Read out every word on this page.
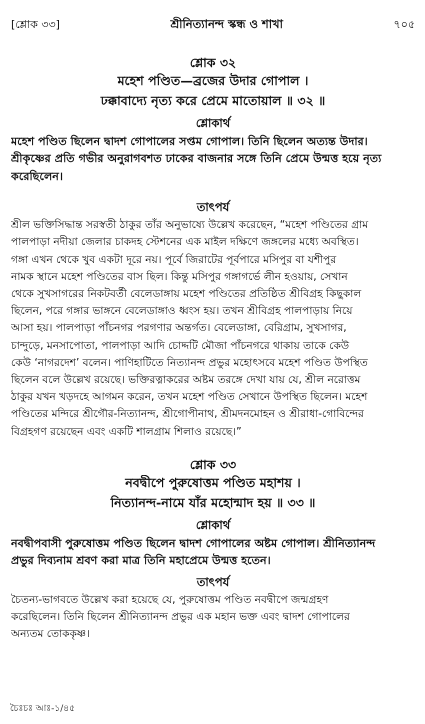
[শ্লোক ৩৩]	শ্রীনিত্যানন্দ স্কন্ধ ও শাখা	৭০৫
শ্লোক ৩২
মহেশ পণ্ডিত—ব্রজের উদার গোপাল ।
ঢক্কাবাদ্যে নৃত্য করে প্রেমে মাতোয়াল ॥ ৩২ ॥
শ্লোকার্থ
মহেশ পণ্ডিত ছিলেন দ্বাদশ গোপালের সপ্তম গোপাল। তিনি ছিলেন অত্যন্ত উদার।
শ্রীকৃষ্ণের প্রতি গভীর অনুরাগবশত ঢাকের বাজনার সঙ্গে তিনি প্রেমে উন্মত্ত হয়ে নৃত্য
করেছিলেন।
তাৎপর্য
শ্রীল ভক্তিসিদ্ধান্ত সরস্বতী ঠাকুর তাঁর অনুভাষ্যে উল্লেখ করেছেন, “মহেশ পণ্ডিতের গ্রাম
পালপাড়া নদীয়া জেলার চাকদহ স্টেশনের এক মাইল দক্ষিণে জঙ্গলের মধ্যে অবস্থিত।
গঙ্গা এখন থেকে খুব একটা দূরে নয়। পূর্বে জিরাটের পূর্বপারে মসিপুর বা যশীপুর
নামক স্থানে মহেশ পণ্ডিতের বাস ছিল। কিন্তু মসিপুর গঙ্গাগর্ভে লীন হওয়ায়, সেখান
থেকে সুখসাগরের নিকটবর্তী বেলেডাঙ্গায় মহেশ পণ্ডিতের প্রতিষ্ঠিত শ্রীবিগ্রহ কিছুকাল
ছিলেন, পরে গঙ্গার ভাঙ্গনে বেলেডাঙ্গাও ধ্বংস হয়। তখন শ্রীবিগ্রহ পালপাড়ায় নিয়ে
আসা হয়। পালপাড়া পাঁচনগর পরগণার অন্তর্গত। বেলেডাঙ্গা, বেরিগ্রাম, সুখসাগর,
চান্দুড়ে, মনসাপোতা, পালপাড়া আদি চোদ্দটি মৌজা পাঁচনগরে থাকায় তাকে কেউ
কেউ ‘নাগরদেশ’ বলেন। পাণিহাটিতে নিত্যানন্দ প্রভুর মহোৎসবে মহেশ পণ্ডিত উপস্থিত
ছিলেন বলে উল্লেখ রয়েছে। ভক্তিরত্নাকরের অষ্টম তরঙ্গে দেখা যায় যে, শ্রীল নরোত্তম
ঠাকুর যখন খড়দহে আগমন করেন, তখন মহেশ পণ্ডিত সেখানে উপস্থিত ছিলেন। মহেশ
পণ্ডিতের মন্দিরে শ্রীগৌর-নিত্যানন্দ, শ্রীগোপীনাথ, শ্রীমদনমোহন ও শ্রীরাধা-গোবিন্দের
বিগ্রহগণ রয়েছেন এবং একটি শালগ্রাম শিলাও রয়েছে।”
শ্লোক ৩৩
নবদ্বীপে পুরুষোত্তম পণ্ডিত মহাশয় ।
নিত্যানন্দ-নামে যাঁর মহোন্মাদ হয় ॥ ৩৩ ॥
শ্লোকার্থ
নবদ্বীপবাসী পুরুষোত্তম পণ্ডিত ছিলেন দ্বাদশ গোপালের অষ্টম গোপাল। শ্রীনিত্যানন্দ
প্রভুর দিব্যনাম শ্রবণ করা মাত্র তিনি মহাপ্রেমে উন্মত্ত হতেন।
তাৎপর্য
চৈতন্য-ভাগবতে উল্লেখ করা হয়েছে যে, পুরুষোত্তম পণ্ডিত নবদ্বীপে জন্মগ্রহণ
করেছিলেন। তিনি ছিলেন শ্রীনিত্যানন্দ প্রভুর এক মহান ভক্ত এবং দ্বাদশ গোপালের
অন্যতম তোককৃষ্ণ।
চৈঃচঃ আঃ-১/৪৫
